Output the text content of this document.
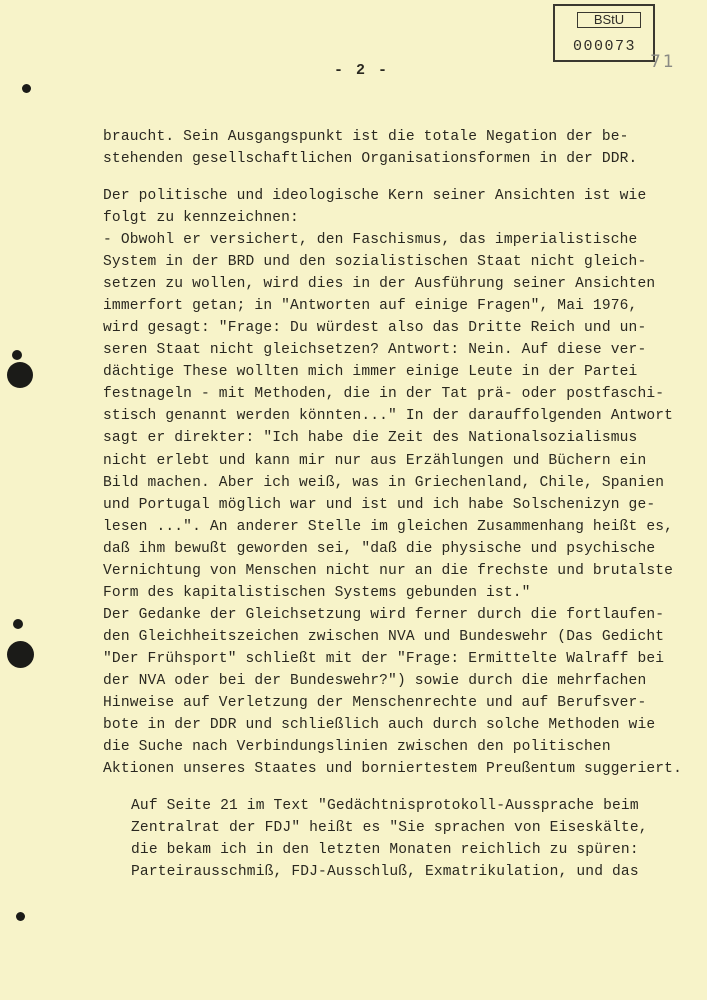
BStU
000073
71
- 2 -
braucht. Sein Ausgangspunkt ist die totale Negation der be-
stehenden gesellschaftlichen Organisationsformen in der DDR.
Der politische und ideologische Kern seiner Ansichten ist wie
folgt zu kennzeichnen:
- Obwohl er versichert, den Faschismus, das imperialistische
System in der BRD und den sozialistischen Staat nicht gleich-
setzen zu wollen, wird dies in der Ausführung seiner Ansichten
immerfort getan; in "Antworten auf einige Fragen", Mai 1976,
wird gesagt: "Frage: Du würdest also das Dritte Reich und un-
seren Staat nicht gleichsetzen? Antwort: Nein. Auf diese ver-
dächtige These wollten mich immer einige Leute in der Partei
festnageln - mit Methoden, die in der Tat prä- oder postfaschi-
stisch genannt werden könnten..." In der darauffolgenden Antwort
sagt er direkter: "Ich habe die Zeit des Nationalsozialismus
nicht erlebt und kann mir nur aus Erzählungen und Büchern ein
Bild machen. Aber ich weiß, was in Griechenland, Chile, Spanien
und Portugal möglich war und ist und ich habe Solschenizyn ge-
lesen ...". An anderer Stelle im gleichen Zusammenhang heißt es,
daß ihm bewußt geworden sei, "daß die physische und psychische
Vernichtung von Menschen nicht nur an die frechste und brutalste
Form des kapitalistischen Systems gebunden ist."
Der Gedanke der Gleichsetzung wird ferner durch die fortlaufen-
den Gleichheitszeichen zwischen NVA und Bundeswehr (Das Gedicht
"Der Frühsport" schließt mit der "Frage: Ermittelte Walraff bei
der NVA oder bei der Bundeswehr?") sowie durch die mehrfachen
Hinweise auf Verletzung der Menschenrechte und auf Berufsver-
bote in der DDR und schließlich auch durch solche Methoden wie
die Suche nach Verbindungslinien zwischen den politischen
Aktionen unseres Staates und borniertestem Preußentum suggeriert.
Auf Seite 21 im Text "Gedächtnisprotokoll-Aussprache beim
Zentralrat der FDJ" heißt es "Sie sprachen von Eiseskälte,
die bekam ich in den letzten Monaten reichlich zu spüren:
Parteirausschmiß, FDJ-Ausschluß, Exmatrikulation, und das
